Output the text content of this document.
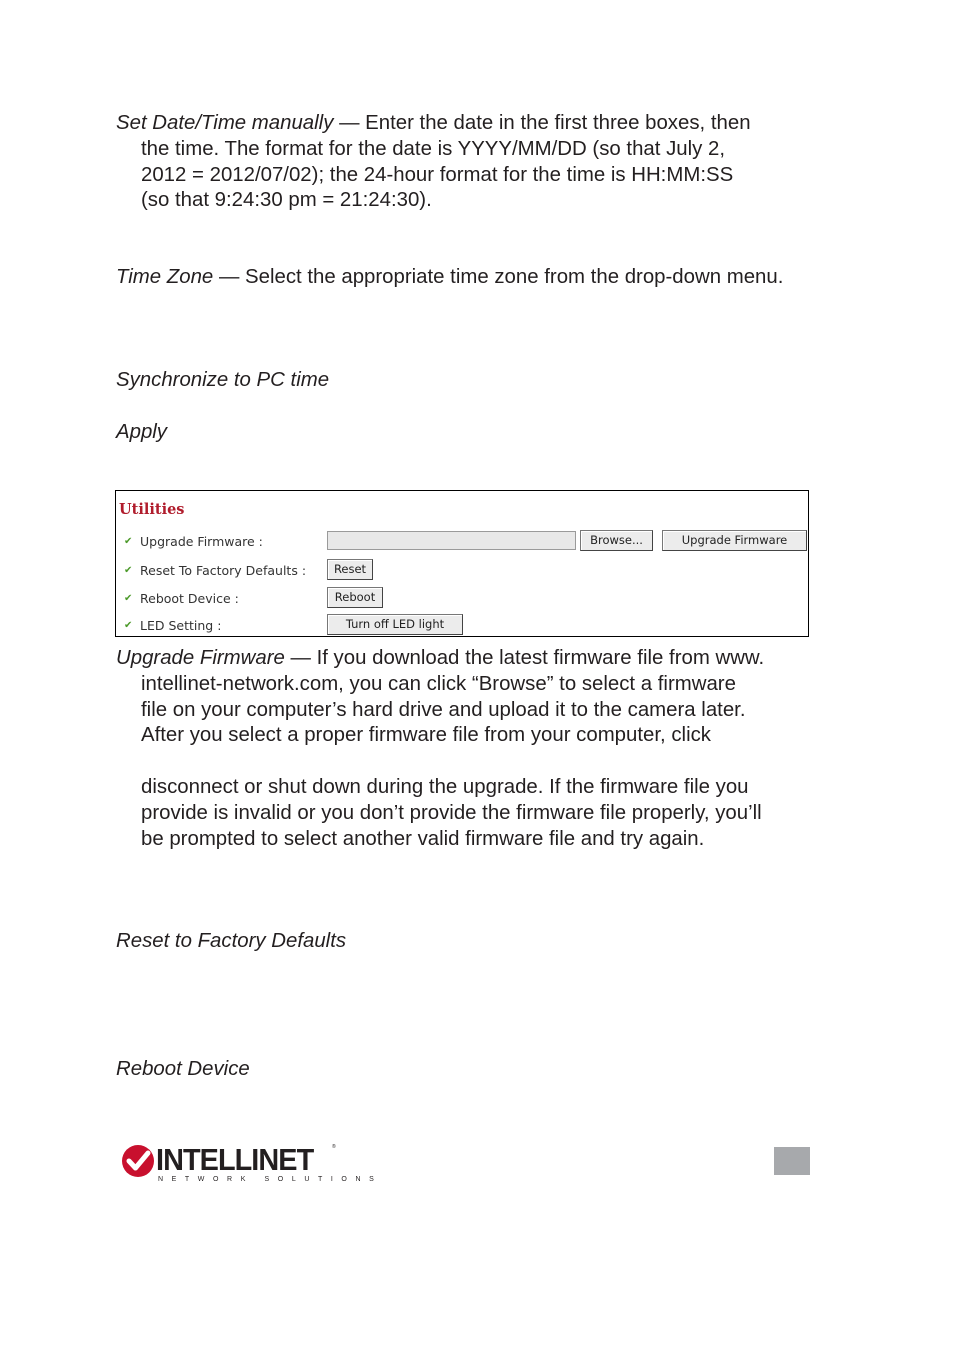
Set Date/Time manually — Enter the date in the first three boxes, then
the time. The format for the date is YYYY/MM/DD (so that July 2,
2012 = 2012/07/02); the 24-hour format for the time is HH:MM:SS
(so that 9:24:30 pm = 21:24:30).
Time Zone — Select the appropriate time zone from the drop-down menu.
Synchronize to PC time
Apply
Utilities
✔ Upgrade Firmware :	Browse...	Upgrade Firmware
✔ Reset To Factory Defaults :	Reset
✔ Reboot Device :	Reboot
✔ LED Setting :	Turn off LED light
Upgrade Firmware — If you download the latest firmware file from www.
intellinet-network.com, you can click “Browse” to select a firmware
file on your computer’s hard drive and upload it to the camera later.
After you select a proper firmware file from your computer, click

disconnect or shut down during the upgrade. If the firmware file you
provide is invalid or you don’t provide the firmware file properly, you’ll
be prompted to select another valid firmware file and try again.
Reset to Factory Defaults
Reboot Device
INTELLINET	®
NETWORK SOLUTIONS
